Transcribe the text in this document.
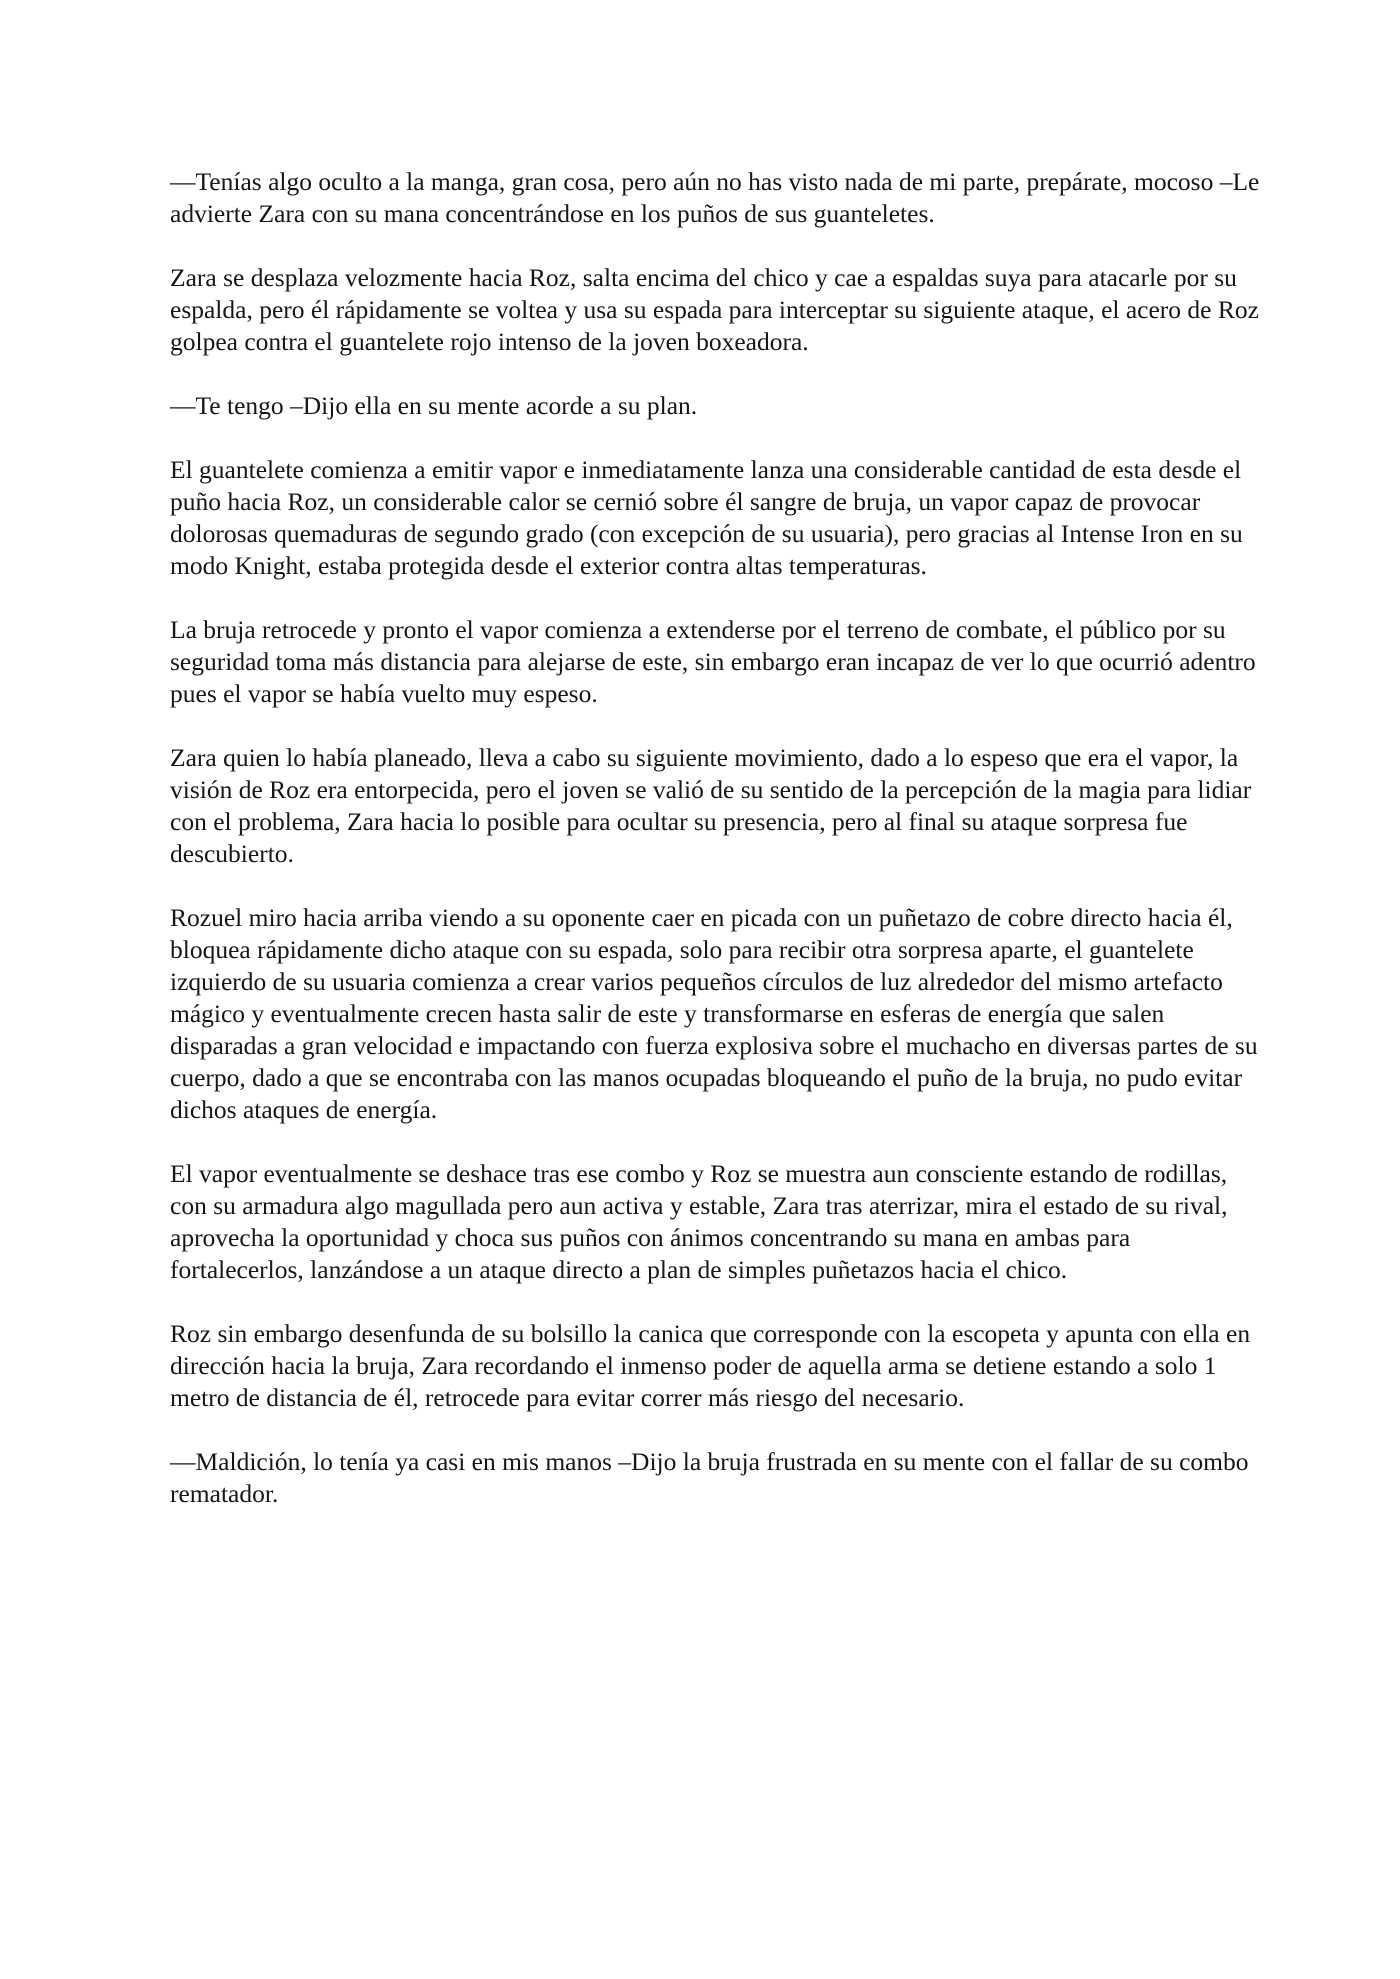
—Tenías algo oculto a la manga, gran cosa, pero aún no has visto nada de mi parte, prepárate, mocoso –Le advierte Zara con su mana concentrándose en los puños de sus guanteletes.

Zara se desplaza velozmente hacia Roz, salta encima del chico y cae a espaldas suya para atacarle por su espalda, pero él rápidamente se voltea y usa su espada para interceptar su siguiente ataque, el acero de Roz golpea contra el guantelete rojo intenso de la joven boxeadora.

—Te tengo –Dijo ella en su mente acorde a su plan.

El guantelete comienza a emitir vapor e inmediatamente lanza una considerable cantidad de esta desde el puño hacia Roz, un considerable calor se cernió sobre él sangre de bruja, un vapor capaz de provocar dolorosas quemaduras de segundo grado (con excepción de su usuaria), pero gracias al Intense Iron en su modo Knight, estaba protegida desde el exterior contra altas temperaturas.

La bruja retrocede y pronto el vapor comienza a extenderse por el terreno de combate, el público por su seguridad toma más distancia para alejarse de este, sin embargo eran incapaz de ver lo que ocurrió adentro pues el vapor se había vuelto muy espeso.

Zara quien lo había planeado, lleva a cabo su siguiente movimiento, dado a lo espeso que era el vapor, la visión de Roz era entorpecida, pero el joven se valió de su sentido de la percepción de la magia para lidiar con el problema, Zara hacia lo posible para ocultar su presencia, pero al final su ataque sorpresa fue descubierto.

Rozuel miro hacia arriba viendo a su oponente caer en picada con un puñetazo de cobre directo hacia él, bloquea rápidamente dicho ataque con su espada, solo para recibir otra sorpresa aparte, el guantelete izquierdo de su usuaria comienza a crear varios pequeños círculos de luz alrededor del mismo artefacto mágico y eventualmente crecen hasta salir de este y transformarse en esferas de energía que salen disparadas a gran velocidad e impactando con fuerza explosiva sobre el muchacho en diversas partes de su cuerpo, dado a que se encontraba con las manos ocupadas bloqueando el puño de la bruja, no pudo evitar dichos ataques de energía.

El vapor eventualmente se deshace tras ese combo y Roz se muestra aun consciente estando de rodillas, con su armadura algo magullada pero aun activa y estable, Zara tras aterrizar, mira el estado de su rival, aprovecha la oportunidad y choca sus puños con ánimos concentrando su mana en ambas para fortalecerlos, lanzándose a un ataque directo a plan de simples puñetazos hacia el chico.

Roz sin embargo desenfunda de su bolsillo la canica que corresponde con la escopeta y apunta con ella en dirección hacia la bruja, Zara recordando el inmenso poder de aquella arma se detiene estando a solo 1 metro de distancia de él, retrocede para evitar correr más riesgo del necesario.

—Maldición, lo tenía ya casi en mis manos –Dijo la bruja frustrada en su mente con el fallar de su combo rematador.
